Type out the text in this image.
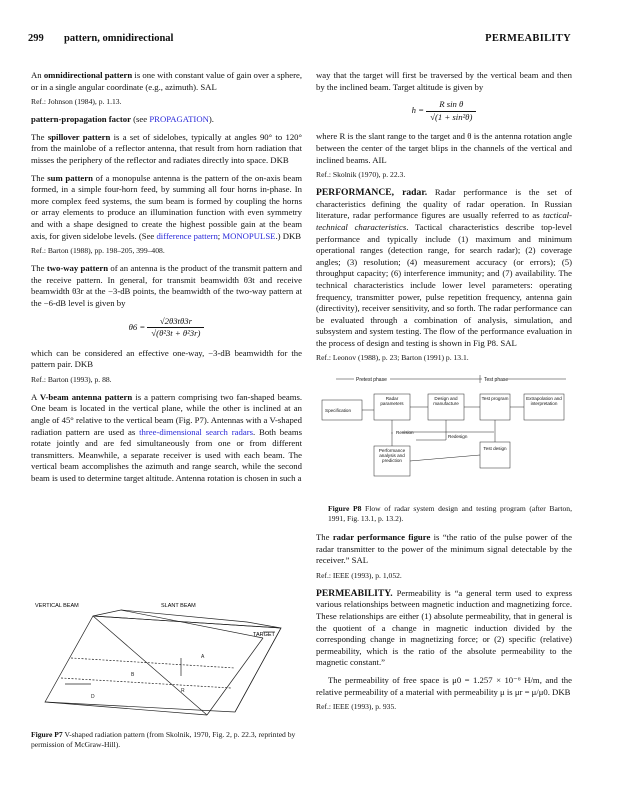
299 pattern, omnidirectional	PERMEABILITY

An omnidirectional pattern is one with constant value of gain over a sphere, or in a single angular coordinate (e.g., azimuth). SAL

Ref.: Johnson (1984), p. 1.13.

pattern-propagation factor (see PROPAGATION).

The spillover pattern is a set of sidelobes, typically at angles 90° to 120° from the mainlobe of a reflector antenna, that result from horn radiation that misses the periphery of the reflector and radiates directly into space. DKB

The sum pattern of a monopulse antenna is the pattern of the on-axis beam formed, in a simple four-horn feed, by summing all four horns in-phase. In more complex feed systems, the sum beam is formed by coupling the horns or array elements to produce an illumination function with even symmetry and with a shape designed to create the highest possible gain at the beam axis, for given sidelobe levels. (See difference pattern; MONOPULSE.) DKB

Ref.: Barton (1988), pp. 198–205, 399–408.

The two-way pattern of an antenna is the product of the transmit pattern and the receive pattern. In general, for transmit beamwidth θ3t and receive beamwidth θ3r at the −3-dB points, the beamwidth of the two-way pattern at the −6-dB level is given by

$\theta 6 = \frac{√2\theta 3t\theta 3r}{\text{√(θ²3t + θ²3r)}}$

which can be considered an effective one-way, −3-dB beamwidth for the pattern pair. DKB

Ref.: Barton (1993), p. 88.

A V-beam antenna pattern is a pattern comprising two fan-shaped beams. One beam is located in the vertical plane, while the other is inclined at an angle of 45° relative to the vertical beam (Fig. P7). Antennas with a V-shaped radiation pattern are used as three-dimensional search radars. Both beams rotate jointly and are fed simultaneously from one or from different transmitters. Meanwhile, a separate receiver is used with each beam. The vertical beam accomplishes the azimuth and range search, while the second beam is used to determine target altitude. Antenna rotation is chosen in such a

VERTICAL BEAM	SLANT BEAM
TARGET
A
B
R
D
Figure P7 V-shaped radiation pattern (from Skolnik, 1970, Fig. 2, p. 22.3, reprinted by permission of McGraw-Hill).

way that the target will first be traversed by the vertical beam and then by the inclined beam. Target altitude is given by

$h = \frac{\text{R sin θ}}{\text{√(1 + sin²θ)}}$

where R is the slant range to the target and θ is the antenna rotation angle between the center of the target blips in the channels of the vertical and inclined beams. AIL

Ref.: Skolnik (1970), p. 22.3.

PERFORMANCE, radar. Radar performance is the set of characteristics defining the quality of radar operation. In Russian literature, radar performance figures are usually referred to as tactical-technical characteristics. Tactical characteristics describe top-level performance and typically include (1) maximum and minimum operational ranges (detection range, for search radar); (2) coverage angles; (3) resolution; (4) measurement accuracy (or errors); (5) throughput capacity; (6) interference immunity; and (7) availability. The technical characteristics include lower level parameters: operating frequency, transmitter power, pulse repetition frequency, antenna gain (directivity), receiver sensitivity, and so forth. The radar performance can be evaluated through a combination of analysis, simulation, and subsystem and system testing. The flow of the performance evaluation in the process of design and testing is shown in Fig P8. SAL

Ref.: Leonov (1988), p. 23; Barton (1991) p. 13.1.

Pretest phase	Test phase
Specification
Radar parameters
Design and manufacture
Test program	Extrapolation and interpretation
Performance analysis and prediction
Test design
Revision
Redesign

Figure P8 Flow of radar system design and testing program (after Barton, 1991, Fig. 13.1, p. 13.2).

The radar performance figure is “the ratio of the pulse power of the radar transmitter to the power of the minimum signal detectable by the receiver.” SAL

Ref.: IEEE (1993), p. 1,052.

PERMEABILITY. Permeability is “a general term used to express various relationships between magnetic induction and magnetizing force. These relationships are either (1) absolute permeability, that in general is the quotient of a change in magnetic induction divided by the corresponding change in magnetizing force; or (2) specific (relative) permeability, which is the ratio of the absolute permeability to the magnetic constant.”

The permeability of free space is μ0 = 1.257 × 10⁻⁶ H/m, and the relative permeability of a material with permeability μ is μr = μ/μ0. DKB

Ref.: IEEE (1993), p. 935.
